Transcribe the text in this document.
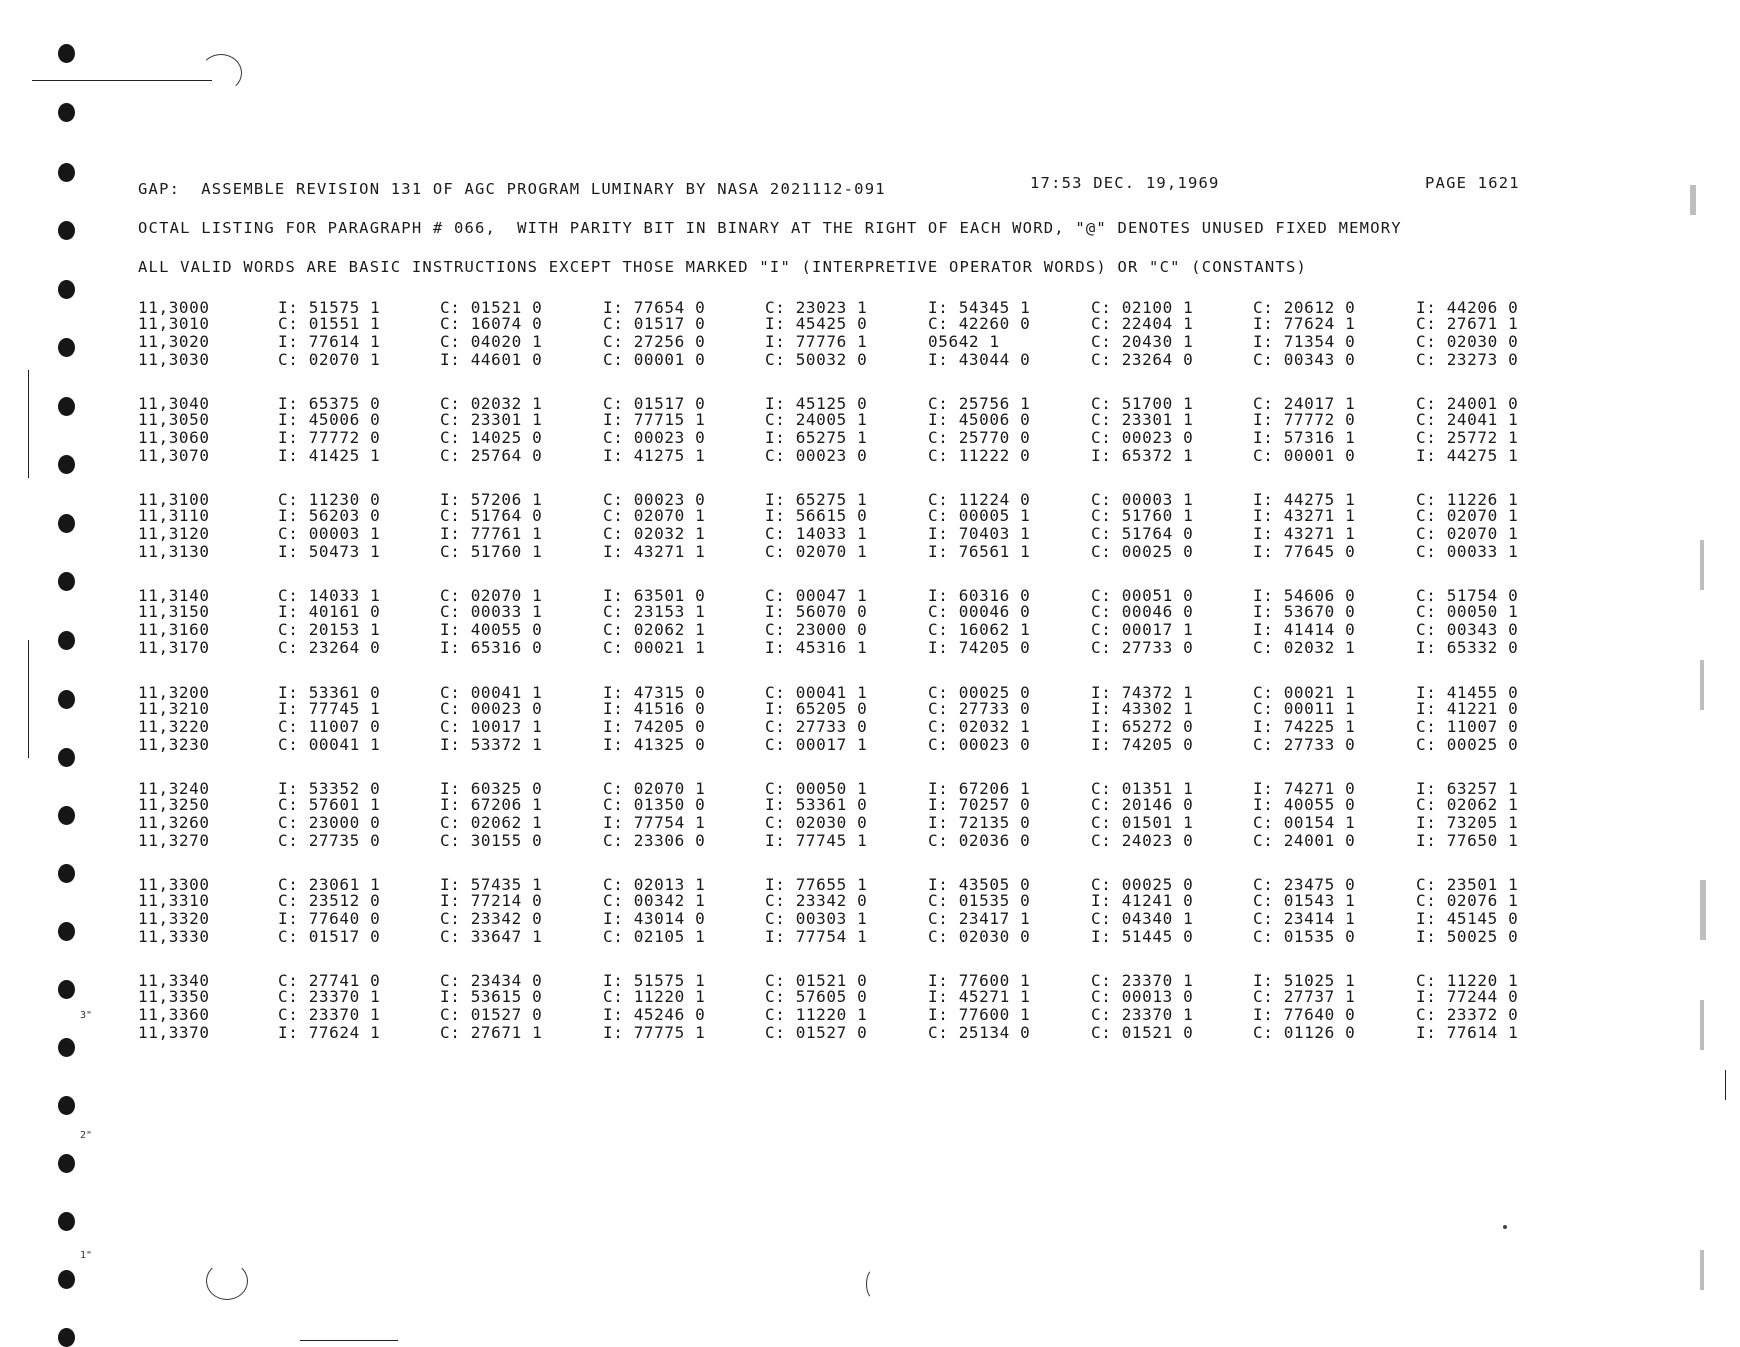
3"
2"
1"
GAP:  ASSEMBLE REVISION 131 OF AGC PROGRAM LUMINARY BY NASA 2021112-091	17:53 DEC. 19,1969	PAGE 1621
OCTAL LISTING FOR PARAGRAPH # 066,  WITH PARITY BIT IN BINARY AT THE RIGHT OF EACH WORD, "@" DENOTES UNUSED FIXED MEMORY
ALL VALID WORDS ARE BASIC INSTRUCTIONS EXCEPT THOSE MARKED "I" (INTERPRETIVE OPERATOR WORDS) OR "C" (CONSTANTS)
11,3000	I: 51575 1	C: 01521 0	I: 77654 0	C: 23023 1	I: 54345 1	C: 02100 1	C: 20612 0	I: 44206 0
11,3010	C: 01551 1	C: 16074 0	C: 01517 0	I: 45425 0	C: 42260 0	C: 22404 1	I: 77624 1	C: 27671 1
11,3020	I: 77614 1	C: 04020 1	C: 27256 0	I: 77776 1	05642 1	C: 20430 1	I: 71354 0	C: 02030 0
11,3030	C: 02070 1	I: 44601 0	C: 00001 0	C: 50032 0	I: 43044 0	C: 23264 0	C: 00343 0	C: 23273 0
11,3040	I: 65375 0	C: 02032 1	C: 01517 0	I: 45125 0	C: 25756 1	C: 51700 1	C: 24017 1	C: 24001 0
11,3050	I: 45006 0	C: 23301 1	I: 77715 1	C: 24005 1	I: 45006 0	C: 23301 1	I: 77772 0	C: 24041 1
11,3060	I: 77772 0	C: 14025 0	C: 00023 0	I: 65275 1	C: 25770 0	C: 00023 0	I: 57316 1	C: 25772 1
11,3070	I: 41425 1	C: 25764 0	I: 41275 1	C: 00023 0	C: 11222 0	I: 65372 1	C: 00001 0	I: 44275 1
11,3100	C: 11230 0	I: 57206 1	C: 00023 0	I: 65275 1	C: 11224 0	C: 00003 1	I: 44275 1	C: 11226 1
11,3110	I: 56203 0	C: 51764 0	C: 02070 1	I: 56615 0	C: 00005 1	C: 51760 1	I: 43271 1	C: 02070 1
11,3120	C: 00003 1	I: 77761 1	C: 02032 1	C: 14033 1	I: 70403 1	C: 51764 0	I: 43271 1	C: 02070 1
11,3130	I: 50473 1	C: 51760 1	I: 43271 1	C: 02070 1	I: 76561 1	C: 00025 0	I: 77645 0	C: 00033 1
11,3140	C: 14033 1	C: 02070 1	I: 63501 0	C: 00047 1	I: 60316 0	C: 00051 0	I: 54606 0	C: 51754 0
11,3150	I: 40161 0	C: 00033 1	C: 23153 1	I: 56070 0	C: 00046 0	C: 00046 0	I: 53670 0	C: 00050 1
11,3160	C: 20153 1	I: 40055 0	C: 02062 1	C: 23000 0	C: 16062 1	C: 00017 1	I: 41414 0	C: 00343 0
11,3170	C: 23264 0	I: 65316 0	C: 00021 1	I: 45316 1	I: 74205 0	C: 27733 0	C: 02032 1	I: 65332 0
11,3200	I: 53361 0	C: 00041 1	I: 47315 0	C: 00041 1	C: 00025 0	I: 74372 1	C: 00021 1	I: 41455 0
11,3210	I: 77745 1	C: 00023 0	I: 41516 0	I: 65205 0	C: 27733 0	I: 43302 1	C: 00011 1	I: 41221 0
11,3220	C: 11007 0	C: 10017 1	I: 74205 0	C: 27733 0	C: 02032 1	I: 65272 0	I: 74225 1	C: 11007 0
11,3230	C: 00041 1	I: 53372 1	I: 41325 0	C: 00017 1	C: 00023 0	I: 74205 0	C: 27733 0	C: 00025 0
11,3240	I: 53352 0	I: 60325 0	C: 02070 1	C: 00050 1	I: 67206 1	C: 01351 1	I: 74271 0	I: 63257 1
11,3250	C: 57601 1	I: 67206 1	C: 01350 0	I: 53361 0	I: 70257 0	C: 20146 0	I: 40055 0	C: 02062 1
11,3260	C: 23000 0	C: 02062 1	I: 77754 1	C: 02030 0	I: 72135 0	C: 01501 1	C: 00154 1	I: 73205 1
11,3270	C: 27735 0	C: 30155 0	C: 23306 0	I: 77745 1	C: 02036 0	C: 24023 0	C: 24001 0	I: 77650 1
11,3300	C: 23061 1	I: 57435 1	C: 02013 1	I: 77655 1	I: 43505 0	C: 00025 0	C: 23475 0	C: 23501 1
11,3310	C: 23512 0	I: 77214 0	C: 00342 1	C: 23342 0	C: 01535 0	I: 41241 0	C: 01543 1	C: 02076 1
11,3320	I: 77640 0	C: 23342 0	I: 43014 0	C: 00303 1	C: 23417 1	C: 04340 1	C: 23414 1	I: 45145 0
11,3330	C: 01517 0	C: 33647 1	C: 02105 1	I: 77754 1	C: 02030 0	I: 51445 0	C: 01535 0	I: 50025 0
11,3340	C: 27741 0	C: 23434 0	I: 51575 1	C: 01521 0	I: 77600 1	C: 23370 1	I: 51025 1	C: 11220 1
11,3350	C: 23370 1	I: 53615 0	C: 11220 1	C: 57605 0	I: 45271 1	C: 00013 0	C: 27737 1	I: 77244 0
11,3360	C: 23370 1	C: 01527 0	I: 45246 0	C: 11220 1	I: 77600 1	C: 23370 1	I: 77640 0	C: 23372 0
11,3370	I: 77624 1	C: 27671 1	I: 77775 1	C: 01527 0	C: 25134 0	C: 01521 0	C: 01126 0	I: 77614 1
